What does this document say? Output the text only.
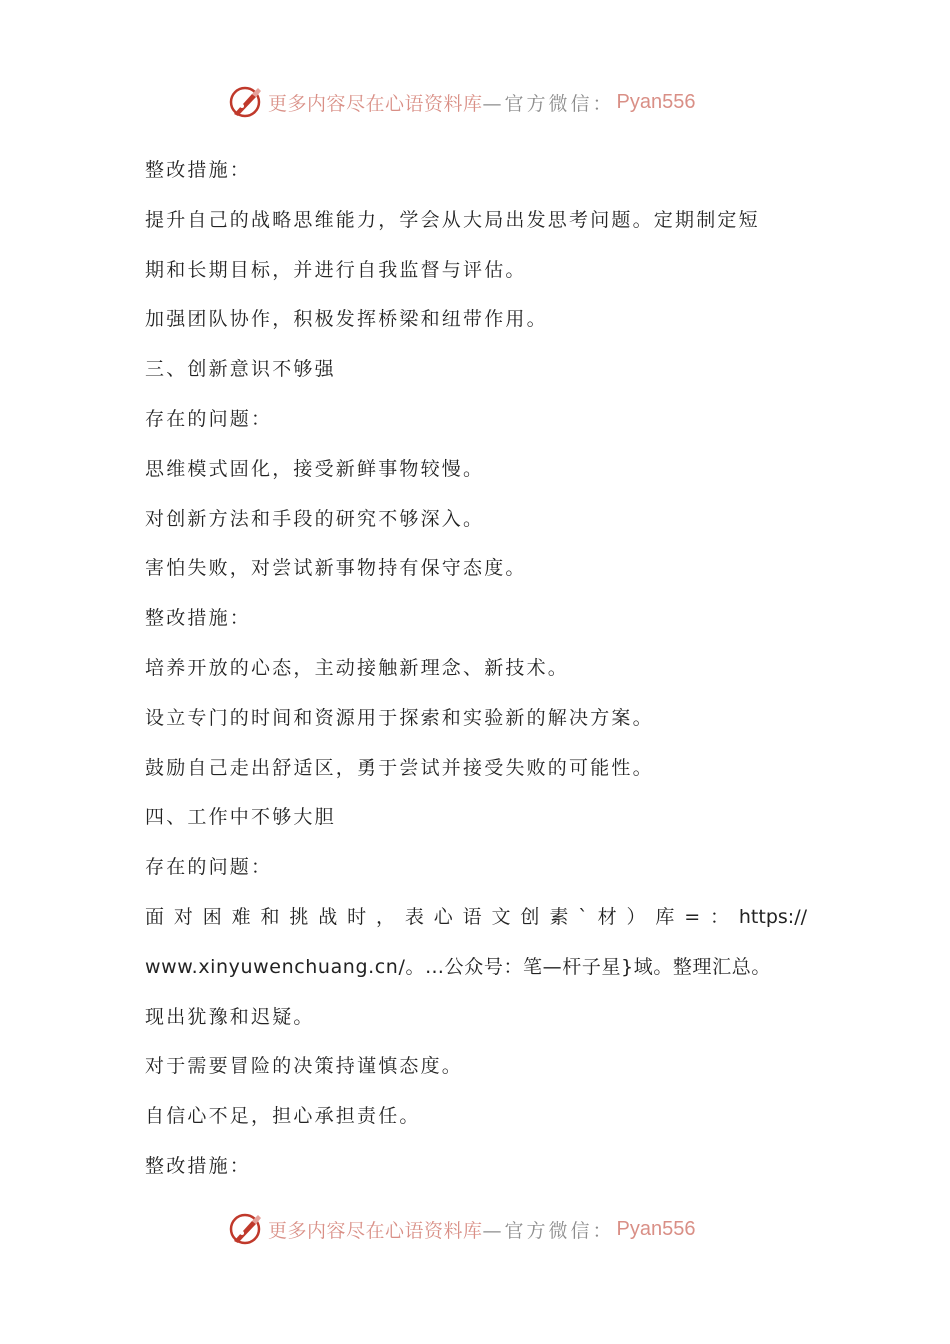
更多内容尽在心语资料库 —官方微信： Pyan556
整改措施：
提升自己的战略思维能力，学会从大局出发思考问题。定期制定短
期和长期目标，并进行自我监督与评估。
加强团队协作，积极发挥桥梁和纽带作用。
三、创新意识不够强
存在的问题：
思维模式固化，接受新鲜事物较慢。
对创新方法和手段的研究不够深入。
害怕失败，对尝试新事物持有保守态度。
整改措施：
培养开放的心态，主动接触新理念、新技术。
设立专门的时间和资源用于探索和实验新的解决方案。
鼓励自己走出舒适区，勇于尝试并接受失败的可能性。
四、工作中不够大胆
存在的问题：
面对困难和挑战时，表心语文创素`材）库=：https://
www.xinyuwenchuang.cn/。…公众号：笔—杆子星}域。整理汇总。
现出犹豫和迟疑。
对于需要冒险的决策持谨慎态度。
自信心不足，担心承担责任。
整改措施：
更多内容尽在心语资料库 —官方微信： Pyan556
